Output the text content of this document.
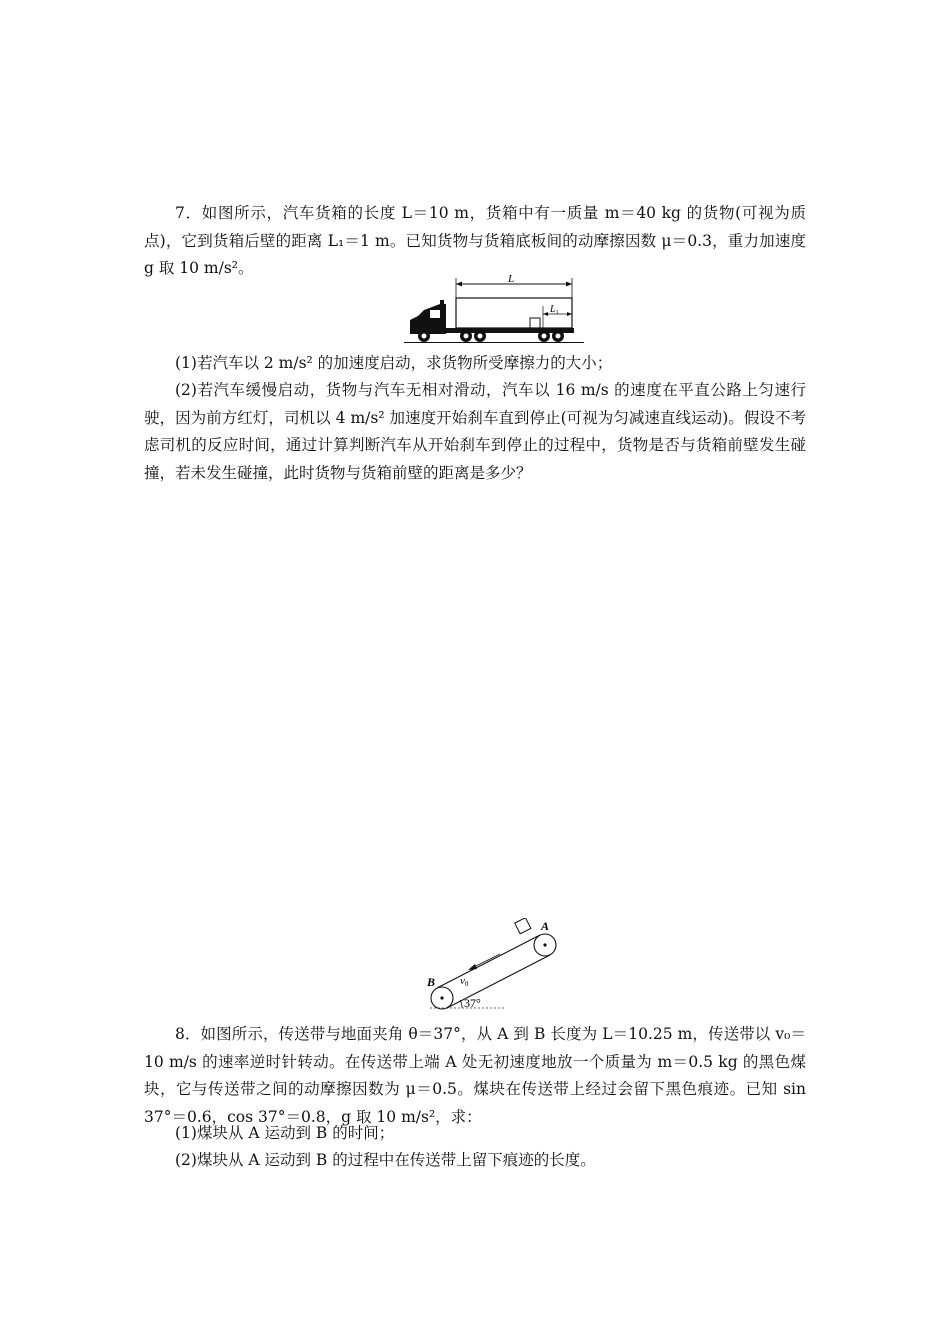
7．如图所示，汽车货箱的长度 L＝10 m，货箱中有一质量 m＝40 kg 的货物(可视为质点)，它到货箱后壁的距离 L₁＝1 m。已知货物与货箱底板间的动摩擦因数 μ＝0.3，重力加速度 g 取 10 m/s²。

L
$L_1$

(1)若汽车以 2 m/s² 的加速度启动，求货物所受摩擦力的大小；

(2)若汽车缓慢启动，货物与汽车无相对滑动，汽车以 16 m/s 的速度在平直公路上匀速行驶，因为前方红灯，司机以 4 m/s² 加速度开始刹车直到停止(可视为匀减速直线运动)。假设不考虑司机的反应时间，通过计算判断汽车从开始刹车到停止的过程中，货物是否与货箱前壁发生碰撞，若未发生碰撞，此时货物与货箱前壁的距离是多少？

v0
A
B
37°

8．如图所示，传送带与地面夹角 θ＝37°，从 A 到 B 长度为 L＝10.25 m，传送带以 v₀＝10 m/s 的速率逆时针转动。在传送带上端 A 处无初速度地放一个质量为 m＝0.5 kg 的黑色煤块，它与传送带之间的动摩擦因数为 μ＝0.5。煤块在传送带上经过会留下黑色痕迹。已知 sin 37°＝0.6，cos 37°＝0.8，g 取 10 m/s²，求：

(1)煤块从 A 运动到 B 的时间；

(2)煤块从 A 运动到 B 的过程中在传送带上留下痕迹的长度。
